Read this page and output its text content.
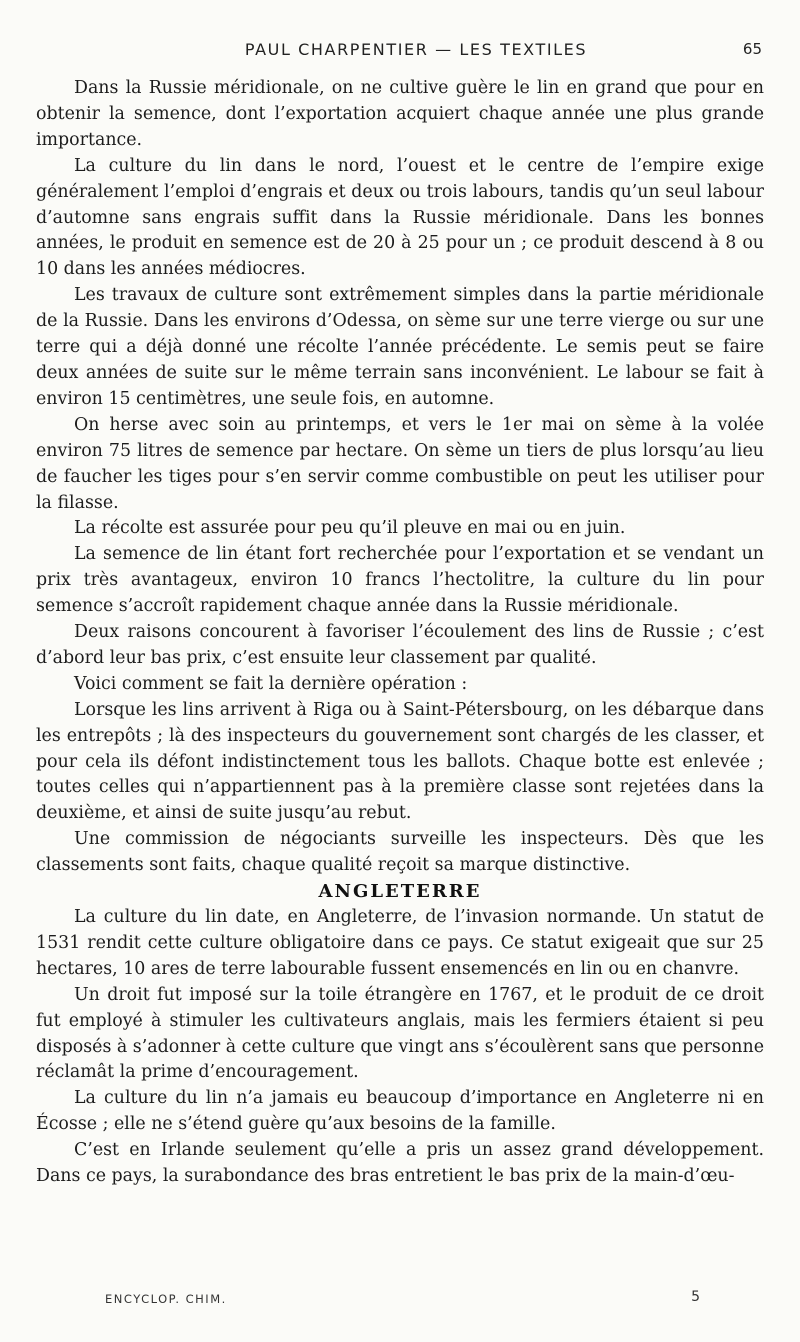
PAUL CHARPENTIER — LES TEXTILES	65

Dans la Russie méridionale, on ne cultive guère le lin en grand que pour en obtenir la semence, dont l’exportation acquiert chaque année une plus grande importance.

La culture du lin dans le nord, l’ouest et le centre de l’empire exige généralement l’emploi d’engrais et deux ou trois labours, tandis qu’un seul labour d’automne sans engrais suffit dans la Russie méridionale. Dans les bonnes années, le produit en semence est de 20 à 25 pour un ; ce produit descend à 8 ou 10 dans les années médiocres.

Les travaux de culture sont extrêmement simples dans la partie méridionale de la Russie. Dans les environs d’Odessa, on sème sur une terre vierge ou sur une terre qui a déjà donné une récolte l’année précédente. Le semis peut se faire deux années de suite sur le même terrain sans inconvénient. Le labour se fait à environ 15 centimètres, une seule fois, en automne.

On herse avec soin au printemps, et vers le 1er mai on sème à la volée environ 75 litres de semence par hectare. On sème un tiers de plus lorsqu’au lieu de faucher les tiges pour s’en servir comme combustible on peut les utiliser pour la filasse.

La récolte est assurée pour peu qu’il pleuve en mai ou en juin.

La semence de lin étant fort recherchée pour l’exportation et se vendant un prix très avantageux, environ 10 francs l’hectolitre, la culture du lin pour semence s’accroît rapidement chaque année dans la Russie méridionale.

Deux raisons concourent à favoriser l’écoulement des lins de Russie ; c’est d’abord leur bas prix, c’est ensuite leur classement par qualité.

Voici comment se fait la dernière opération :

Lorsque les lins arrivent à Riga ou à Saint-Pétersbourg, on les débarque dans les entrepôts ; là des inspecteurs du gouvernement sont chargés de les classer, et pour cela ils défont indistinctement tous les ballots. Chaque botte est enlevée ; toutes celles qui n’appartiennent pas à la première classe sont rejetées dans la deuxième, et ainsi de suite jusqu’au rebut.

Une commission de négociants surveille les inspecteurs. Dès que les classements sont faits, chaque qualité reçoit sa marque distinctive.

ANGLETERRE

La culture du lin date, en Angleterre, de l’invasion normande. Un statut de 1531 rendit cette culture obligatoire dans ce pays. Ce statut exigeait que sur 25 hectares, 10 ares de terre labourable fussent ensemencés en lin ou en chanvre.

Un droit fut imposé sur la toile étrangère en 1767, et le produit de ce droit fut employé à stimuler les cultivateurs anglais, mais les fermiers étaient si peu disposés à s’adonner à cette culture que vingt ans s’écoulèrent sans que personne réclamât la prime d’encouragement.

La culture du lin n’a jamais eu beaucoup d’importance en Angleterre ni en Écosse ; elle ne s’étend guère qu’aux besoins de la famille.

C’est en Irlande seulement qu’elle a pris un assez grand développement. Dans ce pays, la surabondance des bras entretient le bas prix de la main-d’œu-

ENCYCLOP. CHIM.	5
